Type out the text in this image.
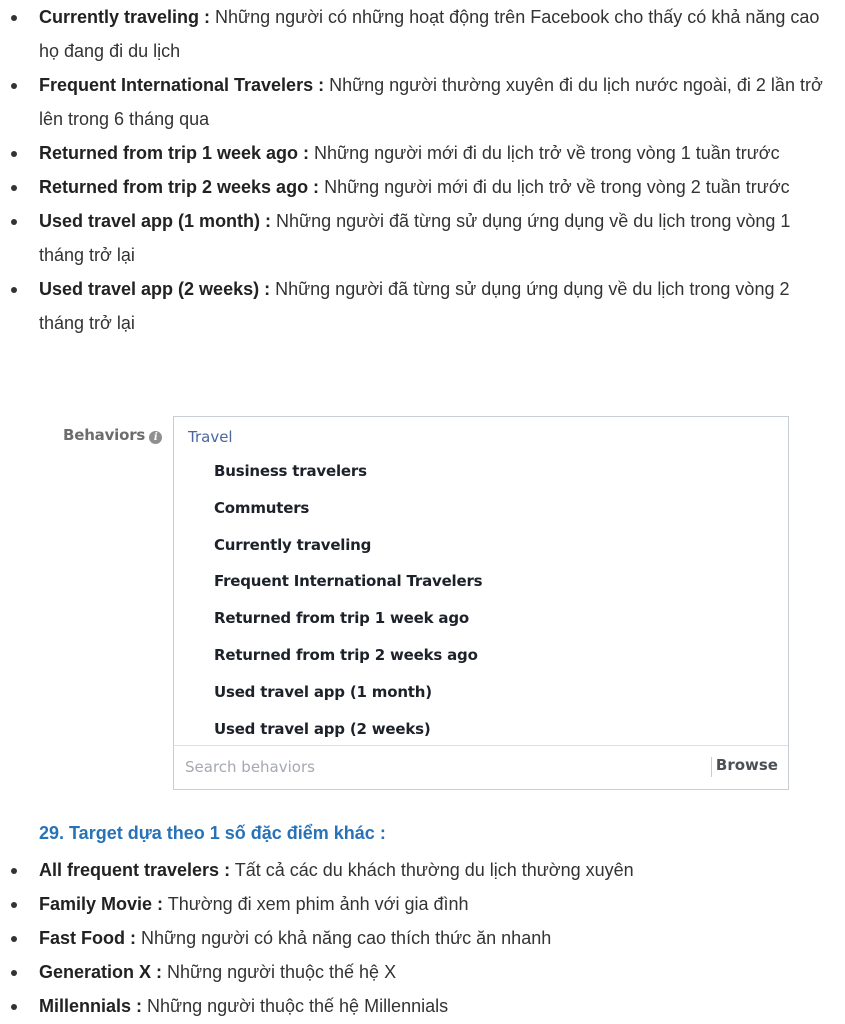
Currently traveling : Những người có những hoạt động trên Facebook cho thấy có khả năng cao họ đang đi du lịch
Frequent International Travelers : Những người thường xuyên đi du lịch nước ngoài, đi 2 lần trở lên trong 6 tháng qua
Returned from trip 1 week ago : Những người mới đi du lịch trở về trong vòng 1 tuần trước
Returned from trip 2 weeks ago : Những người mới đi du lịch trở về trong vòng 2 tuần trước
Used travel app (1 month) : Những người đã từng sử dụng ứng dụng về du lịch trong vòng 1 tháng trở lại
Used travel app (2 weeks) : Những người đã từng sử dụng ứng dụng về du lịch trong vòng 2 tháng trở lại
Behaviors i	Travel
Business travelers
Commuters
Currently traveling
Frequent International Travelers
Returned from trip 1 week ago
Returned from trip 2 weeks ago
Used travel app (1 month)
Used travel app (2 weeks)
Search behaviors
Browse
29. Target dựa theo 1 số đặc điểm khác :
All frequent travelers : Tất cả các du khách thường du lịch thường xuyên
Family Movie : Thường đi xem phim ảnh với gia đình
Fast Food : Những người có khả năng cao thích thức ăn nhanh
Generation X : Những người thuộc thế hệ X
Millennials : Những người thuộc thế hệ Millennials
